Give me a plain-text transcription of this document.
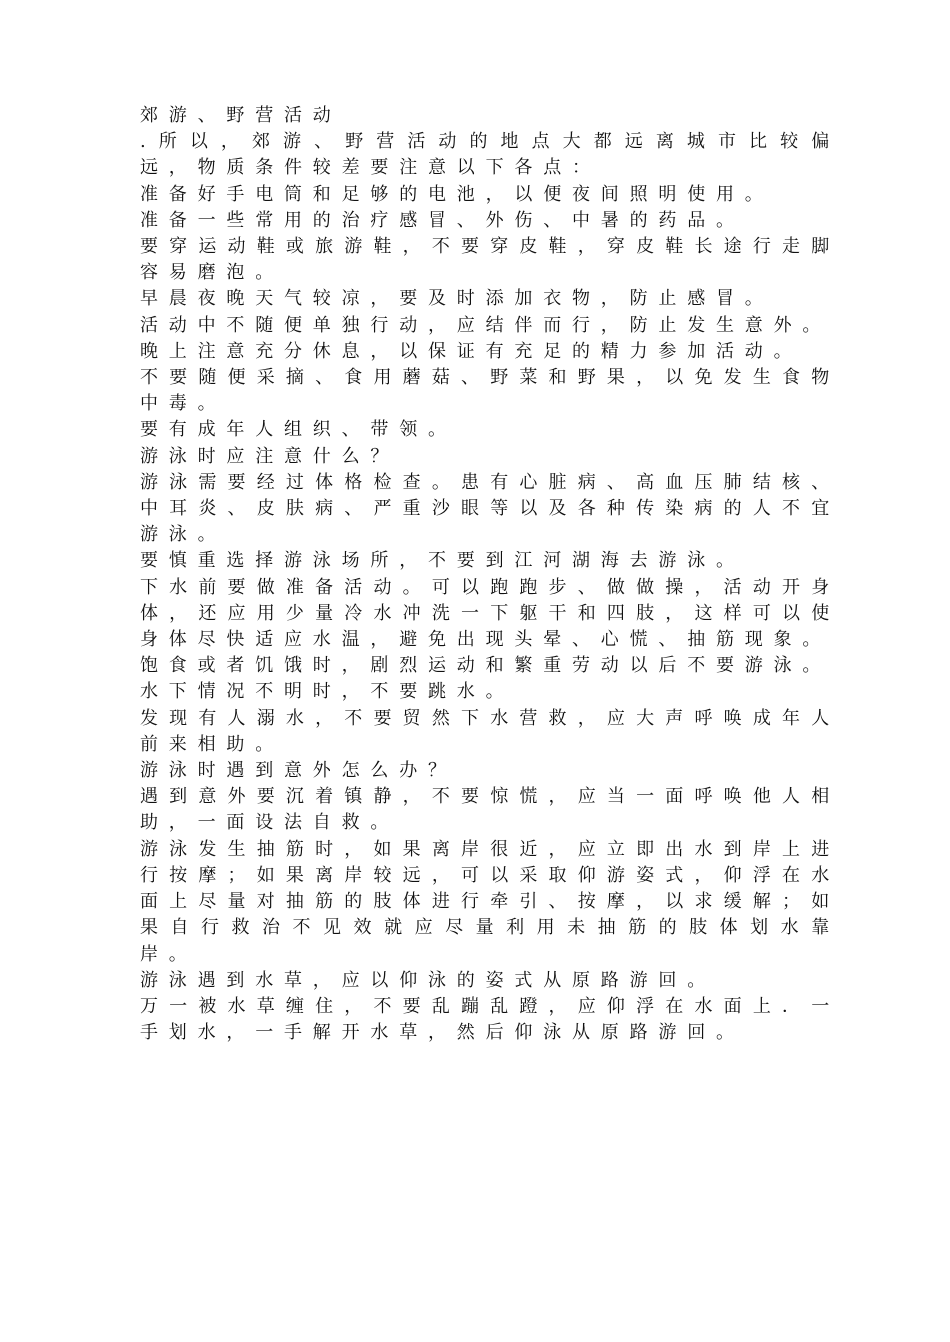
郊游、野营活动

.所以，郊游、野营活动的地点大都远离城市比较偏远，物质条件较差要注意以下各点：

准备好手电筒和足够的电池，以便夜间照明使用。

准备一些常用的治疗感冒、外伤、中暑的药品。

要穿运动鞋或旅游鞋，不要穿皮鞋，穿皮鞋长途行走脚容易磨泡。

早晨夜晚天气较凉，要及时添加衣物，防止感冒。

活动中不随便单独行动，应结伴而行，防止发生意外。

晚上注意充分休息，以保证有充足的精力参加活动。

不要随便采摘、食用蘑菇、野菜和野果，以免发生食物中毒。

要有成年人组织、带领。

游泳时应注意什么？

游泳需要经过体格检查。患有心脏病、高血压肺结核、中耳炎、皮肤病、严重沙眼等以及各种传染病的人不宜游泳。

要慎重选择游泳场所，不要到江河湖海去游泳。

下水前要做准备活动。可以跑跑步、做做操，活动开身体，还应用少量冷水冲洗一下躯干和四肢，这样可以使身体尽快适应水温，避免出现头晕、心慌、抽筋现象。

饱食或者饥饿时，剧烈运动和繁重劳动以后不要游泳。

水下情况不明时，不要跳水。

发现有人溺水，不要贸然下水营救，应大声呼唤成年人前来相助。

游泳时遇到意外怎么办？

遇到意外要沉着镇静，不要惊慌，应当一面呼唤他人相助，一面设法自救。

游泳发生抽筋时，如果离岸很近，应立即出水到岸上进行按摩；如果离岸较远，可以采取仰游姿式，仰浮在水面上尽量对抽筋的肢体进行牵引、按摩，以求缓解；如果自行救治不见效就应尽量利用未抽筋的肢体划水靠岸。

游泳遇到水草，应以仰泳的姿式从原路游回。

万一被水草缠住，不要乱蹦乱蹬，应仰浮在水面上．一手划水，一手解开水草，然后仰泳从原路游回。
